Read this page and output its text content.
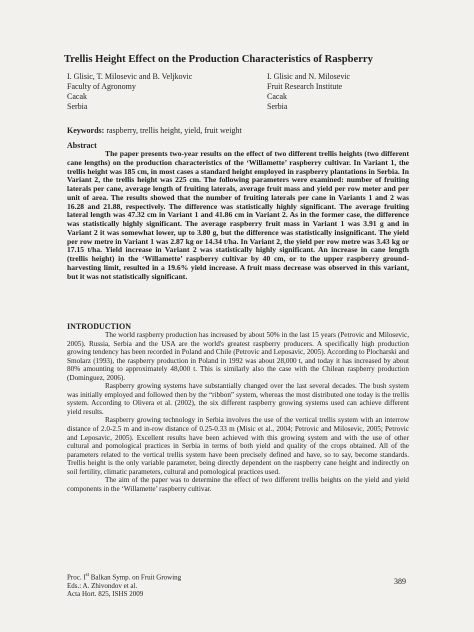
Trellis Height Effect on the Production Characteristics of Raspberry
I. Glisic, T. Milosevic and B. Veljkovic
Faculty of Agronomy
Cacak
Serbia
I. Glisic and N. Milosevic
Fruit Research Institute
Cacak
Serbia
Keywords: raspberry, trellis height, yield, fruit weight
Abstract

The paper presents two-year results on the effect of two different trellis heights (two different cane lengths) on the production characteristics of the ‘Willamette’ raspberry cultivar. In Variant 1, the trellis height was 185 cm, in most cases a standard height employed in raspberry plantations in Serbia. In Variant 2, the trellis height was 225 cm. The following parameters were examined: number of fruiting laterals per cane, average length of fruiting laterals, average fruit mass and yield per row meter and per unit of area. The results showed that the number of fruiting laterals per cane in Variants 1 and 2 was 16.28 and 21.88, respectively. The difference was statistically highly significant. The average fruiting lateral length was 47.32 cm in Variant 1 and 41.86 cm in Variant 2. As in the former case, the difference was statistically highly significant. The average raspberry fruit mass in Variant 1 was 3.91 g and in Variant 2 it was somewhat lower, up to 3.80 g, but the difference was statistically insignificant. The yield per row metre in Variant 1 was 2.87 kg or 14.34 t/ha. In Variant 2, the yield per row metre was 3.43 kg or 17.15 t/ha. Yield increase in Variant 2 was statistically highly significant. An increase in cane length (trellis height) in the ‘Willamette’ raspberry cultivar by 40 cm, or to the upper raspberry ground-harvesting limit, resulted in a 19.6% yield increase. A fruit mass decrease was observed in this variant, but it was not statistically significant.

INTRODUCTION

The world raspberry production has increased by about 50% in the last 15 years (Petrovic and Milosevic, 2005). Russia, Serbia and the USA are the world's greatest raspberry producers. A specifically high production growing tendency has been recorded in Poland and Chile (Petrovic and Leposavic, 2005). According to Plocharski and Smolarz (1993), the raspberry production in Poland in 1992 was about 28,000 t, and today it has increased by about 80% amounting to approximately 48,000 t. This is similarly also the case with the Chilean raspberry production (Dominguez, 2006).

Raspberry growing systems have substantially changed over the last several decades. The bush system was initially employed and followed then by the “ribbon” system, whereas the most distributed one today is the trellis system. According to Olivera et al. (2002), the six different raspberry growing systems used can achieve different yield results.

Raspberry growing technology in Serbia involves the use of the vertical trellis system with an interrow distance of 2.0-2.5 m and in-row distance of 0.25-0.33 m (Misic et al., 2004; Petrovic and Milosevic, 2005; Petrovic and Leposavic, 2005). Excellent results have been achieved with this growing system and with the use of other cultural and pomological practices in Serbia in terms of both yield and quality of the crops obtained. All of the parameters related to the vertical trellis system have been precisely defined and have, so to say, become standards. Trellis height is the only variable parameter, being directly dependent on the raspberry cane height and indirectly on soil fertility, climatic parameters, cultural and pomological practices used.

The aim of the paper was to determine the effect of two different trellis heights on the yield and yield components in the ‘Willamette’ raspberry cultivar.

Proc. Ist Balkan Symp. on Fruit Growing
Eds.: A. Zhivondov et al.
Acta Hort. 825, ISHS 2009
389
